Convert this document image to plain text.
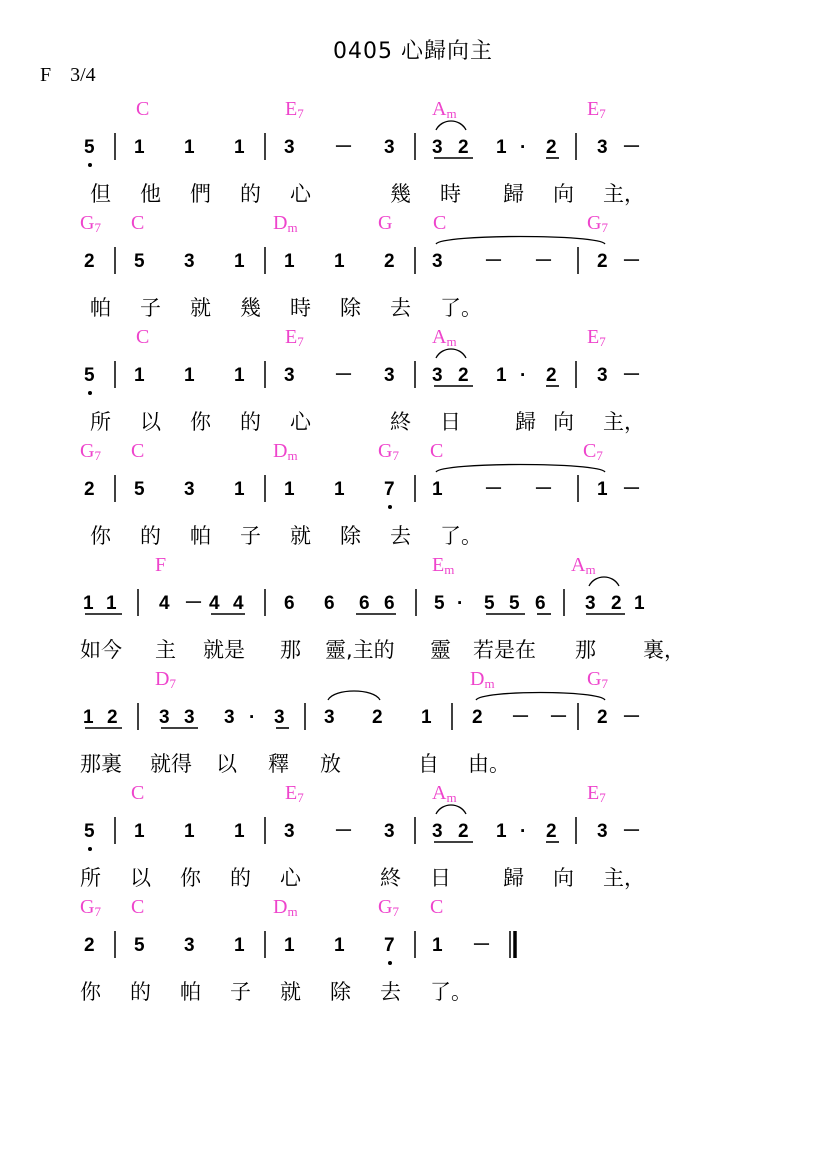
0405 心歸向主
F 3/4
C	$E_7$	$A_m$	$E_7$
5 1 1 1 3 － 3 3 2 1 · 2 3 －
但 他 們 的 心	幾 時 歸 向 主，
$G_7$ C	$D_m$	G C	$G_7$
2 5 3 1 1 1 2 3 － － 2 －
帕 子 就 幾 時 除 去 了。
C	$E_7$	$A_m$	$E_7$
5 1 1 1 3 － 3 3 2 1 · 2 3 －
所 以 你 的 心	終 日	歸 向 主，
$G_7$ C	$D_m$	$G_7$ C	$C_7$
2 5 3 1 1 1 7 1 － － 1 －
你 的 帕 子 就 除 去 了。
F	$E_m$	$A_m$
1 1 4 － 4 4 6 6 6 6 5 · 5 5 6 3 2 1
如今 主 就是 那 靈,主的 靈 若是在 那 裏，
$D_7$	$D_m$	$G_7$
1 2 3 3 3 · 3 3 2 1 2 － － 2 －
那裏 就得 以 釋 放	自 由。
C	$E_7$	$A_m$	$E_7$
5 1 1 1 3 － 3 3 2 1 · 2 3 －
所 以 你 的 心	終 日 歸 向 主，
$G_7$ C	$D_m$	$G_7$ C
2 5 3 1 1 1 7 1 －
你 的 帕 子 就 除 去 了。
